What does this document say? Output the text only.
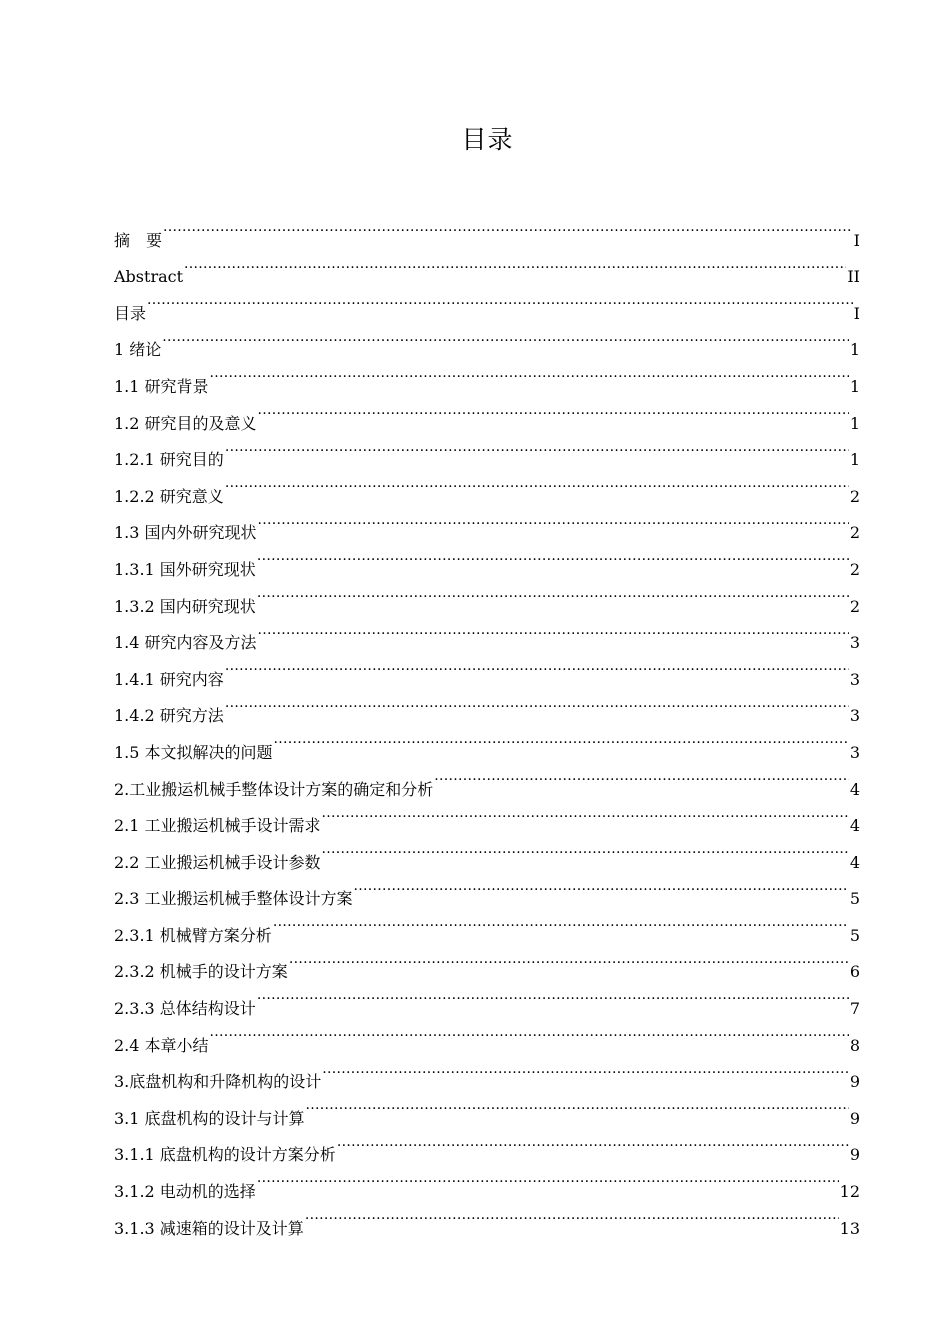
目录
摘　要 .....	I
Abstract .....	II
目录 .....	I
1 绪论 .....	1
1.1 研究背景 .....	1
1.2 研究目的及意义 .....	1
1.2.1 研究目的 .....	1
1.2.2 研究意义 .....	2
1.3 国内外研究现状 .....	2
1.3.1 国外研究现状 .....	2
1.3.2 国内研究现状 .....	2
1.4 研究内容及方法 .....	3
1.4.1 研究内容 .....	3
1.4.2 研究方法 .....	3
1.5 本文拟解决的问题 .....	3
2.工业搬运机械手整体设计方案的确定和分析 .....	4
2.1 工业搬运机械手设计需求 .....	4
2.2 工业搬运机械手设计参数 .....	4
2.3 工业搬运机械手整体设计方案 .....	5
2.3.1 机械臂方案分析 .....	5
2.3.2 机械手的设计方案 .....	6
2.3.3 总体结构设计 .....	7
2.4 本章小结 .....	8
3.底盘机构和升降机构的设计 .....	9
3.1 底盘机构的设计与计算 .....	9
3.1.1 底盘机构的设计方案分析 .....	9
3.1.2 电动机的选择 .....	12
3.1.3 减速箱的设计及计算 .....	13
